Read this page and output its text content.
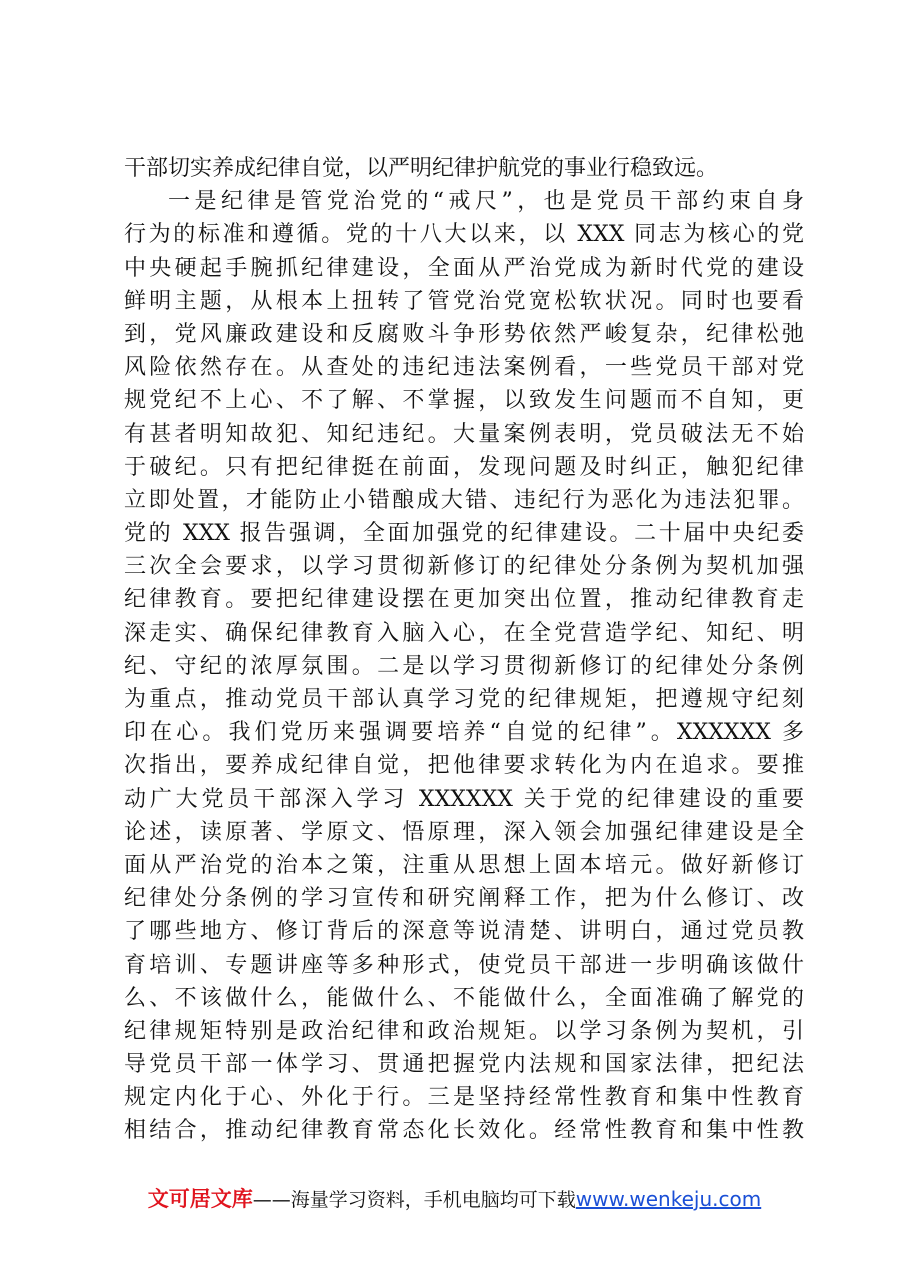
干部切实养成纪律自觉，以严明纪律护航党的事业行稳致远。
一是纪律是管党治党的“戒尺”，也是党员干部约束自身
行为的标准和遵循。党的十八大以来，以 XXX 同志为核心的党
中央硬起手腕抓纪律建设，全面从严治党成为新时代党的建设
鲜明主题，从根本上扭转了管党治党宽松软状况。同时也要看
到，党风廉政建设和反腐败斗争形势依然严峻复杂，纪律松弛
风险依然存在。从查处的违纪违法案例看，一些党员干部对党
规党纪不上心、不了解、不掌握，以致发生问题而不自知，更
有甚者明知故犯、知纪违纪。大量案例表明，党员破法无不始
于破纪。只有把纪律挺在前面，发现问题及时纠正，触犯纪律
立即处置，才能防止小错酿成大错、违纪行为恶化为违法犯罪。
党的 XXX 报告强调，全面加强党的纪律建设。二十届中央纪委
三次全会要求，以学习贯彻新修订的纪律处分条例为契机加强
纪律教育。要把纪律建设摆在更加突出位置，推动纪律教育走
深走实、确保纪律教育入脑入心，在全党营造学纪、知纪、明
纪、守纪的浓厚氛围。二是以学习贯彻新修订的纪律处分条例
为重点，推动党员干部认真学习党的纪律规矩，把遵规守纪刻
印在心。我们党历来强调要培养“自觉的纪律”。XXXXXX 多
次指出，要养成纪律自觉，把他律要求转化为内在追求。要推
动广大党员干部深入学习 XXXXXX 关于党的纪律建设的重要
论述，读原著、学原文、悟原理，深入领会加强纪律建设是全
面从严治党的治本之策，注重从思想上固本培元。做好新修订
纪律处分条例的学习宣传和研究阐释工作，把为什么修订、改
了哪些地方、修订背后的深意等说清楚、讲明白，通过党员教
育培训、专题讲座等多种形式，使党员干部进一步明确该做什
么、不该做什么，能做什么、不能做什么，全面准确了解党的
纪律规矩特别是政治纪律和政治规矩。以学习条例为契机，引
导党员干部一体学习、贯通把握党内法规和国家法律，把纪法
规定内化于心、外化于行。三是坚持经常性教育和集中性教育
相结合，推动纪律教育常态化长效化。经常性教育和集中性教
文可居文库——海量学习资料，手机电脑均可下载www.wenkeju.com
